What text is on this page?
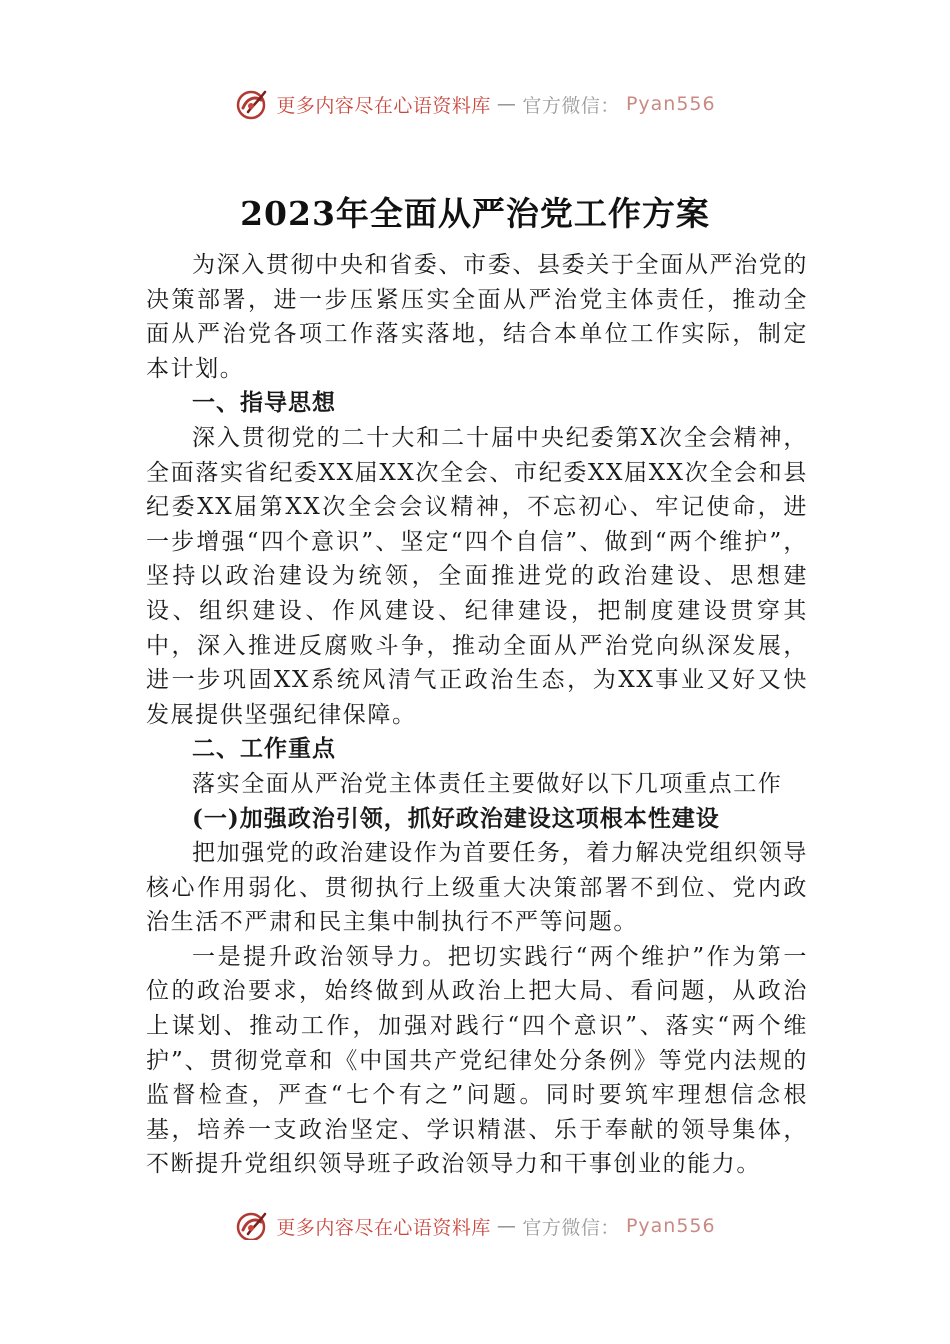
更多内容尽在心语资料库 — 官方微信： Pyan556
2023年全面从严治党工作方案

为深入贯彻中央和省委、市委、县委关于全面从严治党的决策部署，进一步压紧压实全面从严治党主体责任，推动全面从严治党各项工作落实落地，结合本单位工作实际，制定本计划。

一、指导思想

深入贯彻党的二十大和二十届中央纪委第X次全会精神，全面落实省纪委XX届XX次全会、市纪委XX届XX次全会和县纪委XX届第XX次全会会议精神，不忘初心、牢记使命，进一步增强“四个意识”、坚定“四个自信”、做到“两个维护”，坚持以政治建设为统领，全面推进党的政治建设、思想建设、组织建设、作风建设、纪律建设，把制度建设贯穿其中，深入推进反腐败斗争，推动全面从严治党向纵深发展，进一步巩固XX系统风清气正政治生态，为XX事业又好又快发展提供坚强纪律保障。

二、工作重点

落实全面从严治党主体责任主要做好以下几项重点工作

(一)加强政治引领，抓好政治建设这项根本性建设

把加强党的政治建设作为首要任务，着力解决党组织领导核心作用弱化、贯彻执行上级重大决策部署不到位、党内政治生活不严肃和民主集中制执行不严等问题。

一是提升政治领导力。把切实践行“两个维护”作为第一位的政治要求，始终做到从政治上把大局、看问题，从政治上谋划、推动工作，加强对践行“四个意识”、落实“两个维护”、贯彻党章和《中国共产党纪律处分条例》等党内法规的监督检查，严查“七个有之”问题。同时要筑牢理想信念根基，培养一支政治坚定、学识精湛、乐于奉献的领导集体，不断提升党组织领导班子政治领导力和干事创业的能力。

更多内容尽在心语资料库 — 官方微信： Pyan556
